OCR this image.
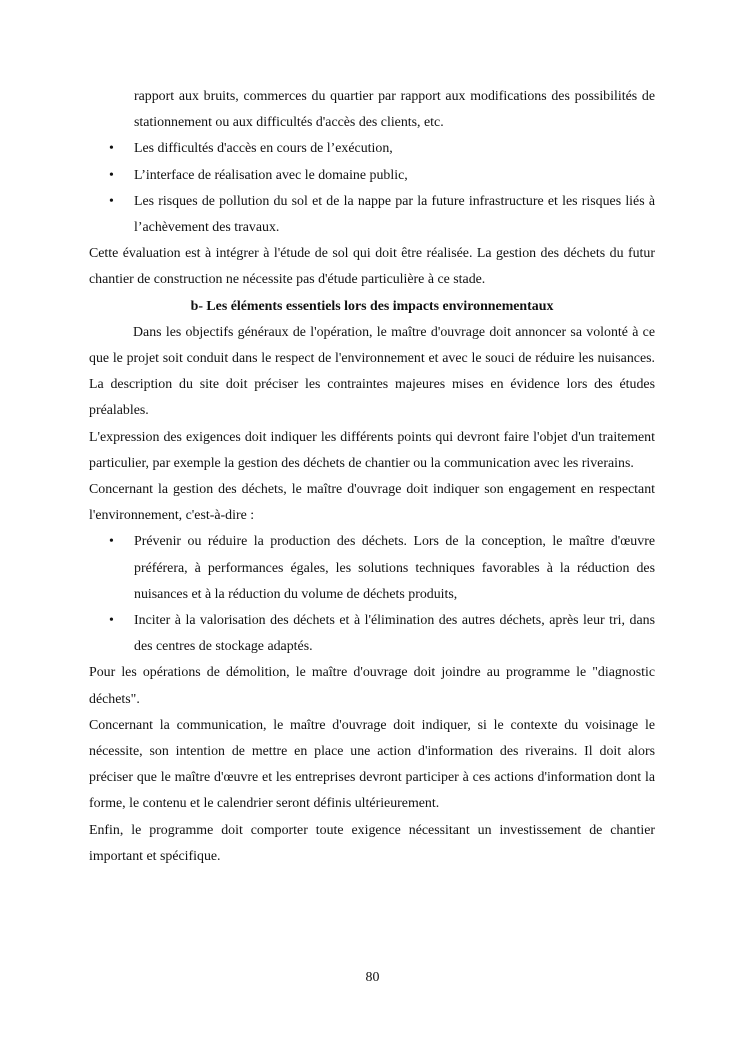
rapport aux bruits, commerces du quartier par rapport aux modifications des possibilités de stationnement ou aux difficultés d'accès des clients, etc.

• Les difficultés d'accès en cours de l’exécution,
• L’interface de réalisation avec le domaine public,
• Les risques de pollution du sol et de la nappe par la future infrastructure et les risques liés à l’achèvement des travaux.

Cette évaluation est à intégrer à l'étude de sol qui doit être réalisée. La gestion des déchets du futur chantier de construction ne nécessite pas d'étude particulière à ce stade.

b- Les éléments essentiels lors des impacts environnementaux

Dans les objectifs généraux de l'opération, le maître d'ouvrage doit annoncer sa volonté à ce que le projet soit conduit dans le respect de l'environnement et avec le souci de réduire les nuisances. La description du site doit préciser les contraintes majeures mises en évidence lors des études préalables.

L'expression des exigences doit indiquer les différents points qui devront faire l'objet d'un traitement particulier, par exemple la gestion des déchets de chantier ou la communication avec les riverains.

Concernant la gestion des déchets, le maître d'ouvrage doit indiquer son engagement en respectant l'environnement, c'est-à-dire :

• Prévenir ou réduire la production des déchets. Lors de la conception, le maître d'œuvre préférera, à performances égales, les solutions techniques favorables à la réduction des nuisances et à la réduction du volume de déchets produits,
• Inciter à la valorisation des déchets et à l'élimination des autres déchets, après leur tri, dans des centres de stockage adaptés.

Pour les opérations de démolition, le maître d'ouvrage doit joindre au programme le "diagnostic déchets".

Concernant la communication, le maître d'ouvrage doit indiquer, si le contexte du voisinage le nécessite, son intention de mettre en place une action d'information des riverains. Il doit alors préciser que le maître d'œuvre et les entreprises devront participer à ces actions d'information dont la forme, le contenu et le calendrier seront définis ultérieurement.

Enfin, le programme doit comporter toute exigence nécessitant un investissement de chantier important et spécifique.

80
